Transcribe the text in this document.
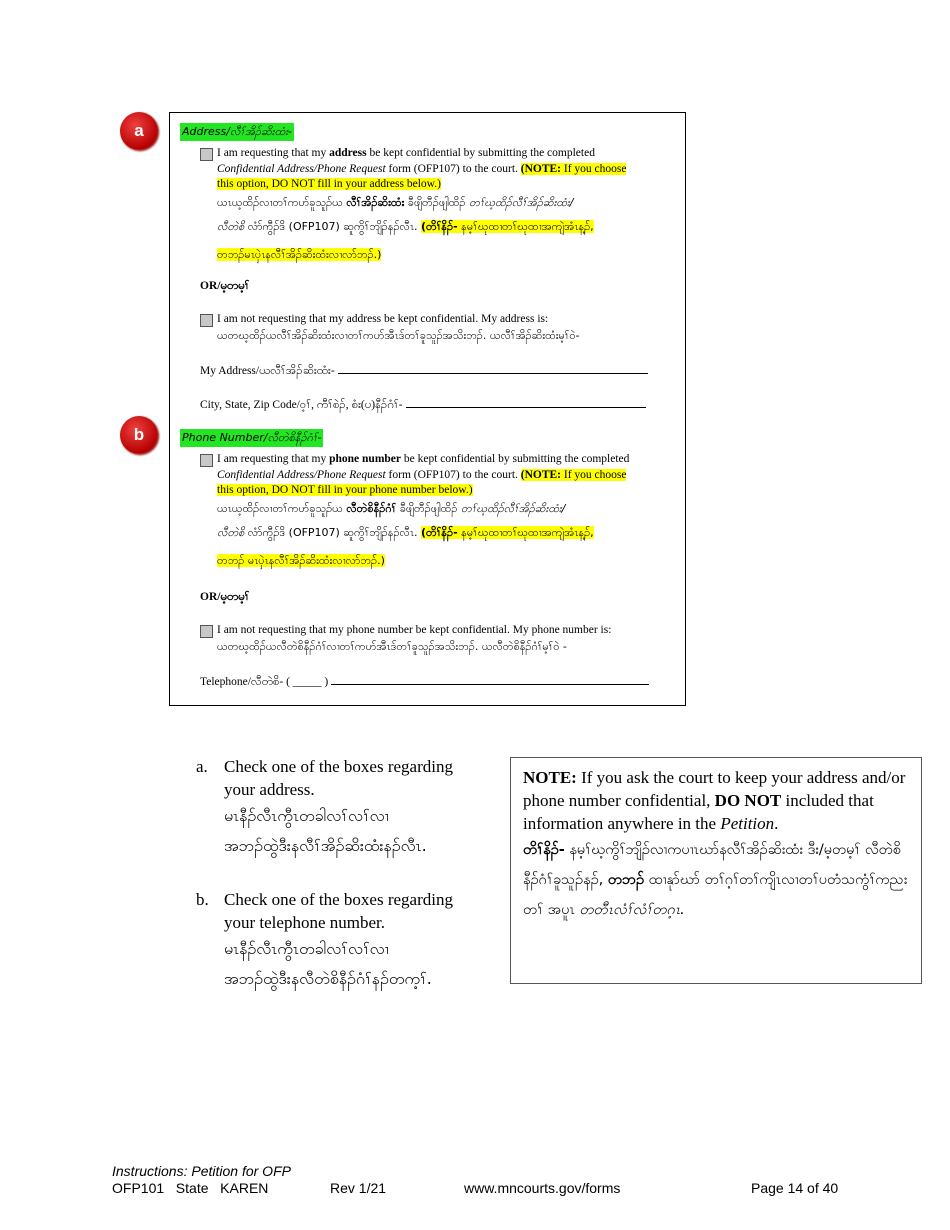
a
b
Address/လီၢ်အိၣ်ဆိးထံး-
I am requesting that my address be kept confidential by submitting the completed
Confidential Address/Phone Request form (OFP107) to the court. (NOTE: If you choose
this option, DO NOT fill in your address below.)
ယၤယ့ထိၣ်လၢတၢ်ကဟ်ခူသူၣ်ယ လီၢ်အိၣ်ဆိးထံး ခီဖျိတီၣ်ဖျါထိၣ် တၢ်ဃ့ထိၣ်လီၢ်အိၣ်ဆိးထံး/
လီတဲစိ လံာ်ကွီၣ်ဒိ (OFP107) ဆူကွိၢ်ဘျိၣ်နၣ်လီၤ. (တိၢ်နိၣ်- နမ့ၢ်ဃုထၢတၢ်ဃုထၢအကျဲအံၤန့ၣ်,
တဘၣ်မၤပှဲၤနလီၢ်အိၣ်ဆိးထံးလၢလာ်ဘၣ်.)
OR/မ့တမ့ၢ်
I am not requesting that my address be kept confidential. My address is:
ယတဃ့ထိၣ်ယလီၢ်အိၣ်ဆိးထံးလၢတၢ်ကဟ်အီၤဒ်တၢ်ခူသူၣ်အသိးဘၣ်. ယလီၢ်အိၣ်ဆိးထံးမ့ၢ်ဝဲ-
My Address/ယလီၢ်အိၣ်ဆိးထံး-
City, State, Zip Code/ဝ့ၢ်, ကီၢ်စဲၣ်, စံး(ပ)နီၣ်ဂံၢ်-
Phone Number/လီတဲစိနီၣ်ဂံၢ်-
I am requesting that my phone number be kept confidential by submitting the completed
Confidential Address/Phone Request form (OFP107) to the court. (NOTE: If you choose
this option, DO NOT fill in your phone number below.)
ယၤယ့ထိၣ်လၢတၢ်ကဟ်ခူသူၣ်ယ လီတဲစိနီၣ်ဂံၢ် ခီဖျိတီၣ်ဖျါထိၣ် တၢ်ဃ့ထိၣ်လီၢ်အိၣ်ဆိးထံး/
လီတဲစိ လံာ်ကွီၣ်ဒိ (OFP107) ဆူကွိၢ်ဘျိၣ်နၣ်လီၤ. (တိၢ်နိၣ်- နမ့ၢ်ဃုထၢတၢ်ဃုထၢအကျဲအံၤန့ၣ်,
တဘၣ် မၤပှဲၤနလီၢ်အိၣ်ဆိးထံးလၢလာ်ဘၣ်.)
OR/မ့တမ့ၢ်
I am not requesting that my phone number be kept confidential. My phone number is:
ယတဃ့ထိၣ်ယလီတဲစိနီၣ်ဂံၢ်လၢတၢ်ကဟ်အီၤဒ်တၢ်ခူသူၣ်အသိးဘၣ်. ယလီတဲစိနီၣ်ဂံၢ်မ့ၢ်ဝဲ -
Telephone/လီတဲစိ- ( _____ )
a. Check one of the boxes regarding
your address.
မၤနီၣ်လီၤကွီၤတခါလၢ်လၢ်လၢ
အဘၣ်ထွဲဒီးနလီၢ်အိၣ်ဆိးထံးနၣ်လီၤ.
b. Check one of the boxes regarding
your telephone number.
မၤနီၣ်လီၤကွီၤတခါလၢ်လၢ်လၢ
အဘၣ်ထွဲဒီးနလီတဲစိနီၣ်ဂံၢ်နၣ်တက့ၢ်.
NOTE: If you ask the court to keep your address and/or phone number confidential, DO NOT included that information anywhere in the Petition.
တိၢ်နိၣ်- နမ့ၢ်ဃ့ကွိၢ်ဘျိၣ်လၢကပၢၤဃာ်နလီၢ်အိၣ်ဆိးထံး ဒီး/မ့တမ့ၢ် လီတဲစိနီၣ်ဂံၢ်ခူသူၣ်နၣ်, တဘၣ် ထၢနုာ်ဃာ် တၢ်ဂ့ၢ်တၢ်ကျိၤလၢတၢ်ပတံသကွံၢ်ကညးတၢ် အပူၤ တတီၤလံၢ်လံၢ်တဂ့ၤ.
Instructions: Petition for OFP
OFP101   State   KAREN	Rev 1/21	www.mncourts.gov/forms	Page 14 of 40
